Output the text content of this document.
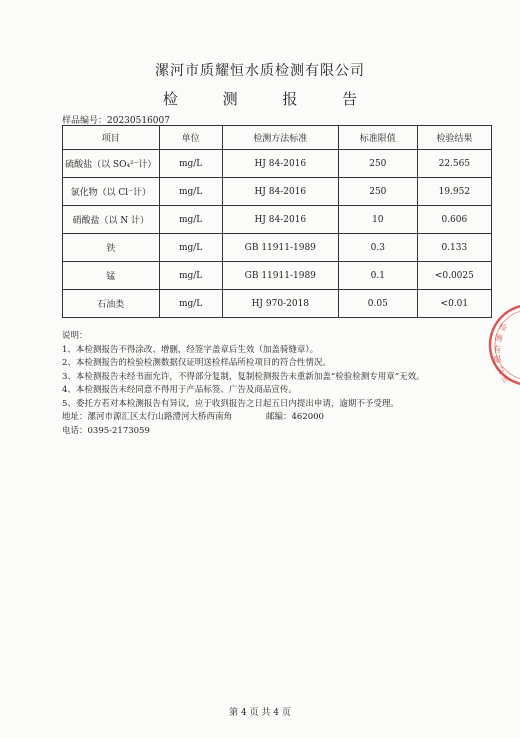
漯河市质耀恒水质检测有限公司
检 测 报 告
样品编号：20230516007
项目	单位	检测方法标准	标准限值	检验结果
硫酸盐（以 SO₄²⁻计）	mg/L	HJ 84-2016	250	22.565
氯化物（以 Cl⁻计）	mg/L	HJ 84-2016	250	19.952
硝酸盐（以 N 计）	mg/L	HJ 84-2016	10	0.606
铁	mg/L	GB 11911-1989	0.3	0.133
锰	mg/L	GB 11911-1989	0.1	<0.0025
石油类	mg/L	HJ 970-2018	0.05	<0.01
说明：
1、本检测报告不得涂改、增删，经签字盖章后生效（加盖骑缝章）。
2、本检测报告的检验检测数据仅证明送检样品所检项目的符合性情况。
3、本检测报告未经书面允许，不得部分复制，复制检测报告未重新加盖“检验检测专用章”无效。
4、本检测报告未经同意不得用于产品标签、广告及商品宣传。
5、委托方若对本检测报告有异议，应于收到报告之日起五日内提出申请，逾期不予受理。
地址：漯河市源汇区太行山路澧河大桥西南角	邮编：462000
电话：0395-2173059
检
测
有
限
公
司
第 4 页 共 4 页
